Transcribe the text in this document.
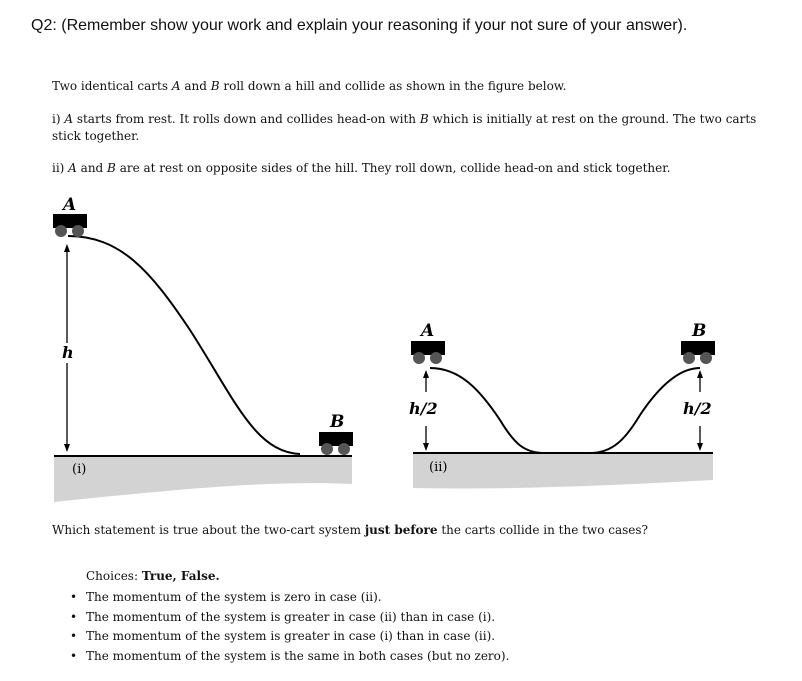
Q2: (Remember show your work and explain your reasoning if your not sure of your answer).
Two identical carts A and B roll down a hill and collide as shown in the figure below.
i) A starts from rest. It rolls down and collides head-on with B which is initially at rest on the ground. The two carts stick together.
ii) A and B are at rest on opposite sides of the hill. They roll down, collide head-on and stick together.
A
h
B
(i)
A
h/2
B
h/2
(ii)
Which statement is true about the two-cart system just before the carts collide in the two cases?
Choices: True, False.
• The momentum of the system is zero in case (ii).
• The momentum of the system is greater in case (ii) than in case (i).
• The momentum of the system is greater in case (i) than in case (ii).
• The momentum of the system is the same in both cases (but no zero).
